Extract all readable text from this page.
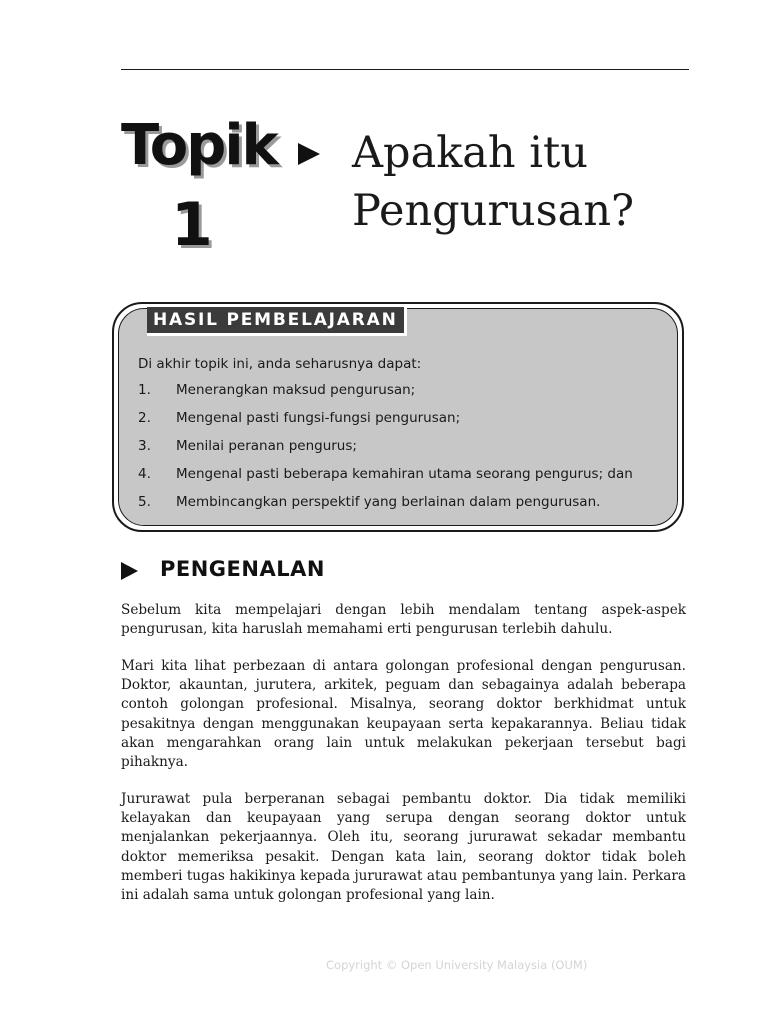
Topik
1
Apakah itu Pengurusan?
HASIL PEMBELAJARAN
Di akhir topik ini, anda seharusnya dapat:
1.	Menerangkan maksud pengurusan;
2.	Mengenal pasti fungsi-fungsi pengurusan;
3.	Menilai peranan pengurus;
4.	Mengenal pasti beberapa kemahiran utama seorang pengurus; dan
5.	Membincangkan perspektif yang berlainan dalam pengurusan.
PENGENALAN

Sebelum kita mempelajari dengan lebih mendalam tentang aspek-aspek pengurusan, kita haruslah memahami erti pengurusan terlebih dahulu.

Mari kita lihat perbezaan di antara golongan profesional dengan pengurusan. Doktor, akauntan, jurutera, arkitek, peguam dan sebagainya adalah beberapa contoh golongan profesional. Misalnya, seorang doktor berkhidmat untuk pesakitnya dengan menggunakan keupayaan serta kepakarannya. Beliau tidak akan mengarahkan orang lain untuk melakukan pekerjaan tersebut bagi pihaknya.

Jururawat pula berperanan sebagai pembantu doktor. Dia tidak memiliki kelayakan dan keupayaan yang serupa dengan seorang doktor untuk menjalankan pekerjaannya. Oleh itu, seorang jururawat sekadar membantu doktor memeriksa pesakit. Dengan kata lain, seorang doktor tidak boleh memberi tugas hakikinya kepada jururawat atau pembantunya yang lain. Perkara ini adalah sama untuk golongan profesional yang lain.

Copyright © Open University Malaysia (OUM)
